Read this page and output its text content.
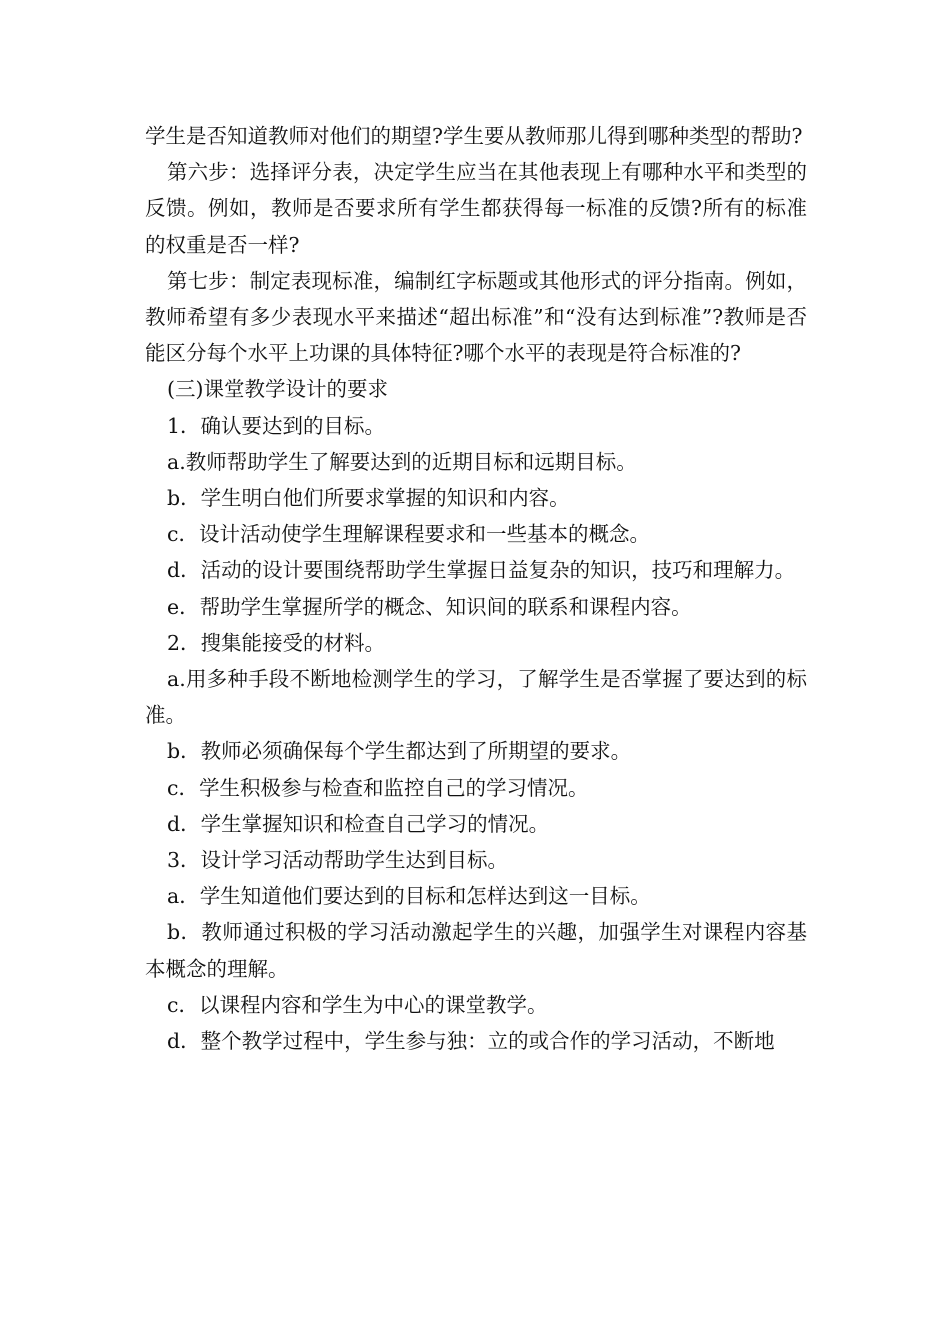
学生是否知道教师对他们的期望?学生要从教师那儿得到哪种类型的帮助?

第六步：选择评分表，决定学生应当在其他表现上有哪种水平和类型的反馈。例如，教师是否要求所有学生都获得每一标准的反馈?所有的标准的权重是否一样?

第七步：制定表现标准，编制红字标题或其他形式的评分指南。例如，教师希望有多少表现水平来描述“超出标准”和“没有达到标准”?教师是否能区分每个水平上功课的具体特征?哪个水平的表现是符合标准的?

(三)课堂教学设计的要求

1．确认要达到的目标。

a.教师帮助学生了解要达到的近期目标和远期目标。

b．学生明白他们所要求掌握的知识和内容。

c．设计活动使学生理解课程要求和一些基本的概念。

d．活动的设计要围绕帮助学生掌握日益复杂的知识，技巧和理解力。

e．帮助学生掌握所学的概念、知识间的联系和课程内容。

2．搜集能接受的材料。

a.用多种手段不断地检测学生的学习，了解学生是否掌握了要达到的标准。

b．教师必须确保每个学生都达到了所期望的要求。

c．学生积极参与检查和监控自己的学习情况。

d．学生掌握知识和检查自己学习的情况。

3．设计学习活动帮助学生达到目标。

a．学生知道他们要达到的目标和怎样达到这一目标。

b．教师通过积极的学习活动激起学生的兴趣，加强学生对课程内容基本概念的理解。

c．以课程内容和学生为中心的课堂教学。

d．整个教学过程中，学生参与独：立的或合作的学习活动，不断地
